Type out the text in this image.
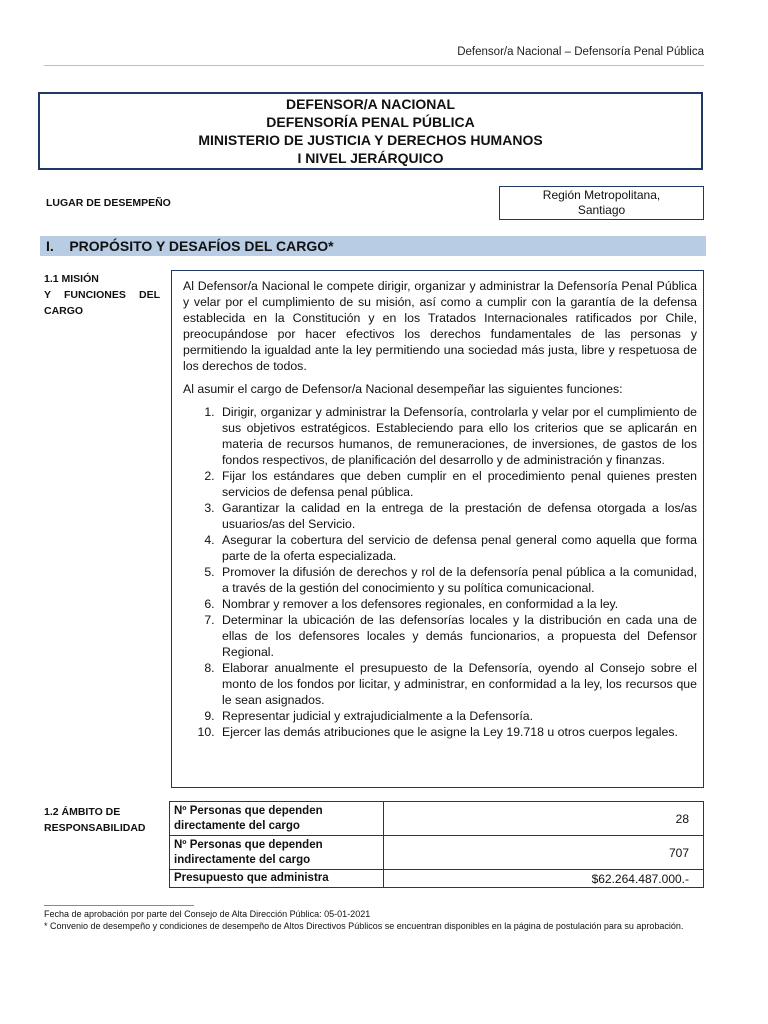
Defensor/a Nacional – Defensoría Penal Pública
DEFENSOR/A NACIONAL
DEFENSORÍA PENAL PÚBLICA
MINISTERIO DE JUSTICIA Y DERECHOS HUMANOS
I NIVEL JERÁRQUICO
LUGAR DE DESEMPEÑO
Región Metropolitana,
Santiago
I.    PROPÓSITO Y DESAFÍOS DEL CARGO*
1.1 MISIÓN
Y FUNCIONES DEL
CARGO

Al Defensor/a Nacional le compete dirigir, organizar y administrar la Defensoría Penal Pública y velar por el cumplimiento de su misión, así como a cumplir con la garantía de la defensa establecida en la Constitución y en los Tratados Internacionales ratificados por Chile, preocupándose por hacer efectivos los derechos fundamentales de las personas y permitiendo la igualdad ante la ley permitiendo una sociedad más justa, libre y respetuosa de los derechos de todos.

Al asumir el cargo de Defensor/a Nacional desempeñar las siguientes funciones:

1. Dirigir, organizar y administrar la Defensoría, controlarla y velar por el cumplimiento de sus objetivos estratégicos. Estableciendo para ello los criterios que se aplicarán en materia de recursos humanos, de remuneraciones, de inversiones, de gastos de los fondos respectivos, de planificación del desarrollo y de administración y finanzas.
2. Fijar los estándares que deben cumplir en el procedimiento penal quienes presten servicios de defensa penal pública.
3. Garantizar la calidad en la entrega de la prestación de defensa otorgada a los/as usuarios/as del Servicio.
4. Asegurar la cobertura del servicio de defensa penal general como aquella que forma parte de la oferta especializada.
5. Promover la difusión de derechos y rol de la defensoría penal pública a la comunidad, a través de la gestión del conocimiento y su política comunicacional.
6. Nombrar y remover a los defensores regionales, en conformidad a la ley.
7. Determinar la ubicación de las defensorías locales y la distribución en cada una de ellas de los defensores locales y demás funcionarios, a propuesta del Defensor Regional.
8. Elaborar anualmente el presupuesto de la Defensoría, oyendo al Consejo sobre el monto de los fondos por licitar, y administrar, en conformidad a la ley, los recursos que le sean asignados.
9. Representar judicial y extrajudicialmente a la Defensoría.
10. Ejercer las demás atribuciones que le asigne la Ley 19.718 u otros cuerpos legales.
1.2 ÁMBITO DE
RESPONSABILIDAD
Nº Personas que dependen directamente del cargo	28
Nº Personas que dependen indirectamente del cargo	707
Presupuesto que administra	$62.264.487.000.-
Fecha de aprobación por parte del Consejo de Alta Dirección Pública: 05-01-2021
* Convenio de desempeño y condiciones de desempeño de Altos Directivos Públicos se encuentran disponibles en la página de postulación para su aprobación.
